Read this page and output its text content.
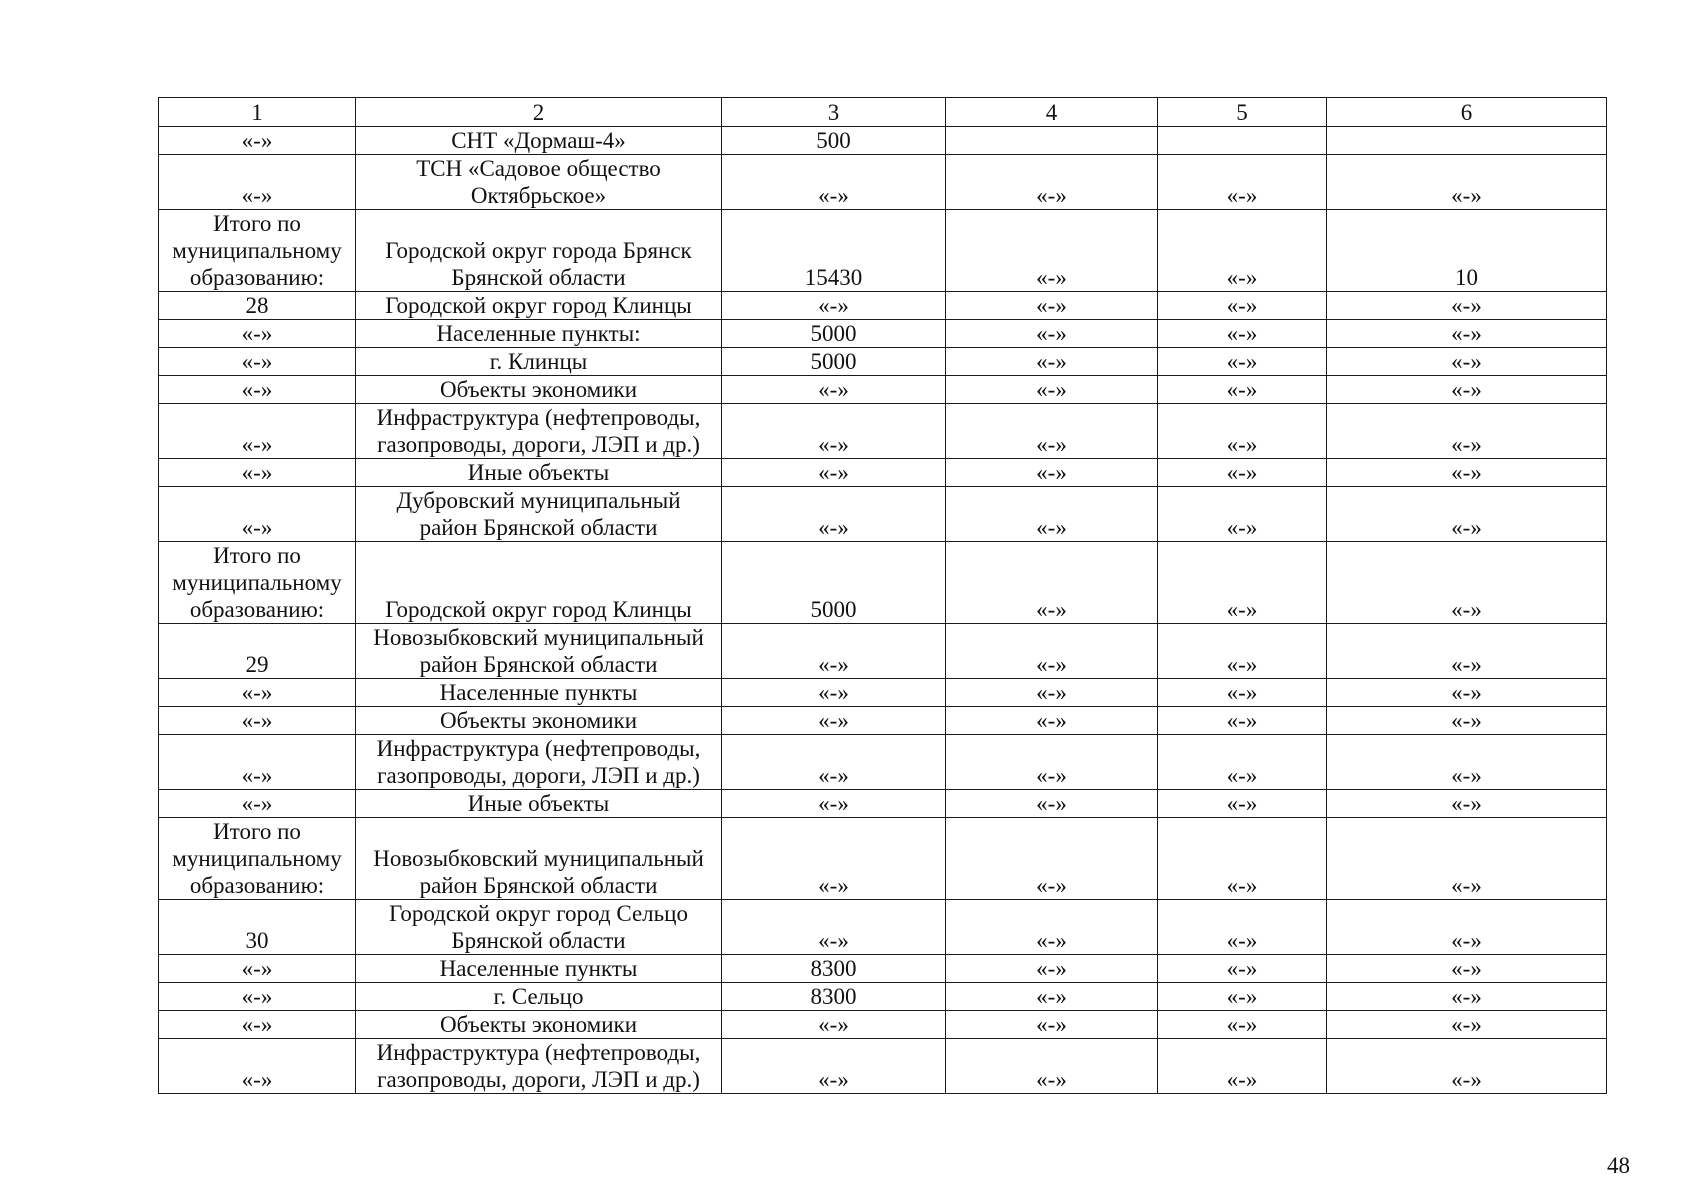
1	2	3	4	5	6
«-»	СНТ «Дормаш-4»	500			
«-»	ТСН «Садовое общество
Октябрьское»	«-»	«-»	«-»	«-»
Итого по
муниципальному
образованию:	Городской округ города Брянск
Брянской области	15430	«-»	«-»	10
28	Городской округ город Клинцы	«-»	«-»	«-»	«-»
«-»	Населенные пункты:	5000	«-»	«-»	«-»
«-»	г. Клинцы	5000	«-»	«-»	«-»
«-»	Объекты экономики	«-»	«-»	«-»	«-»
«-»	Инфраструктура (нефтепроводы,
газопроводы, дороги, ЛЭП и др.)	«-»	«-»	«-»	«-»
«-»	Иные объекты	«-»	«-»	«-»	«-»
«-»	Дубровский муниципальный
район Брянской области	«-»	«-»	«-»	«-»
Итого по
муниципальному
образованию:	Городской округ город Клинцы	5000	«-»	«-»	«-»
29	Новозыбковский муниципальный
район Брянской области	«-»	«-»	«-»	«-»
«-»	Населенные пункты	«-»	«-»	«-»	«-»
«-»	Объекты экономики	«-»	«-»	«-»	«-»
«-»	Инфраструктура (нефтепроводы,
газопроводы, дороги, ЛЭП и др.)	«-»	«-»	«-»	«-»
«-»	Иные объекты	«-»	«-»	«-»	«-»
Итого по
муниципальному
образованию:	Новозыбковский муниципальный
район Брянской области	«-»	«-»	«-»	«-»
30	Городской округ город Сельцо
Брянской области	«-»	«-»	«-»	«-»
«-»	Населенные пункты	8300	«-»	«-»	«-»
«-»	г. Сельцо	8300	«-»	«-»	«-»
«-»	Объекты экономики	«-»	«-»	«-»	«-»
«-»	Инфраструктура (нефтепроводы,
газопроводы, дороги, ЛЭП и др.)	«-»	«-»	«-»	«-»
48
